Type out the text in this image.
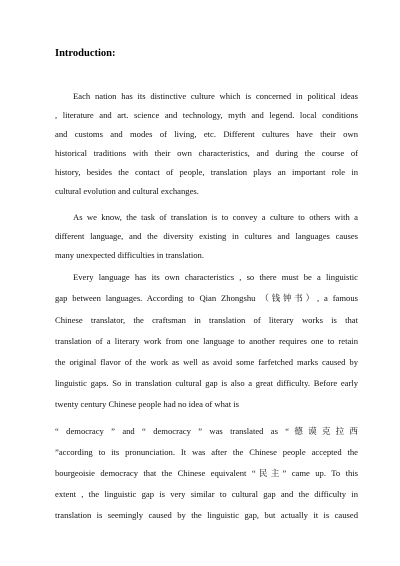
Introduction:
Each nation has its distinctive culture which is concerned in political ideas
, literature and art. science and technology, myth and legend. local conditions
and customs and modes of living, etc. Different cultures have their own
historical traditions with their own characteristics, and during the course of
history, besides the contact of people, translation plays an important role in
cultural evolution and cultural exchanges.
As we know, the task of translation is to convey a culture to others with a
different language, and the diversity existing in cultures and languages causes
many unexpected difficulties in translation.
Every language has its own characteristics , so there must be a linguistic
gap between languages. According to Qian Zhongshu （钱钟书）, a famous
Chinese translator, the craftsman in translation of literary works is that
translation of a literary work from one language to another requires one to retain
the original flavor of the work as well as avoid some farfetched marks caused by
linguistic gaps. So in translation cultural gap is also a great difficulty. Before early
twenty century Chinese people had no idea of what is
“ democracy ” and “ democracy ” was translated as “德谟克拉西
”according to its pronunciation. It was after the Chinese people accepted the
bourgeoisie democracy that the Chinese equivalent “民主” came up. To this
extent , the linguistic gap is very similar to cultural gap and the difficulty in
translation is seemingly caused by the linguistic gap, but actually it is caused
